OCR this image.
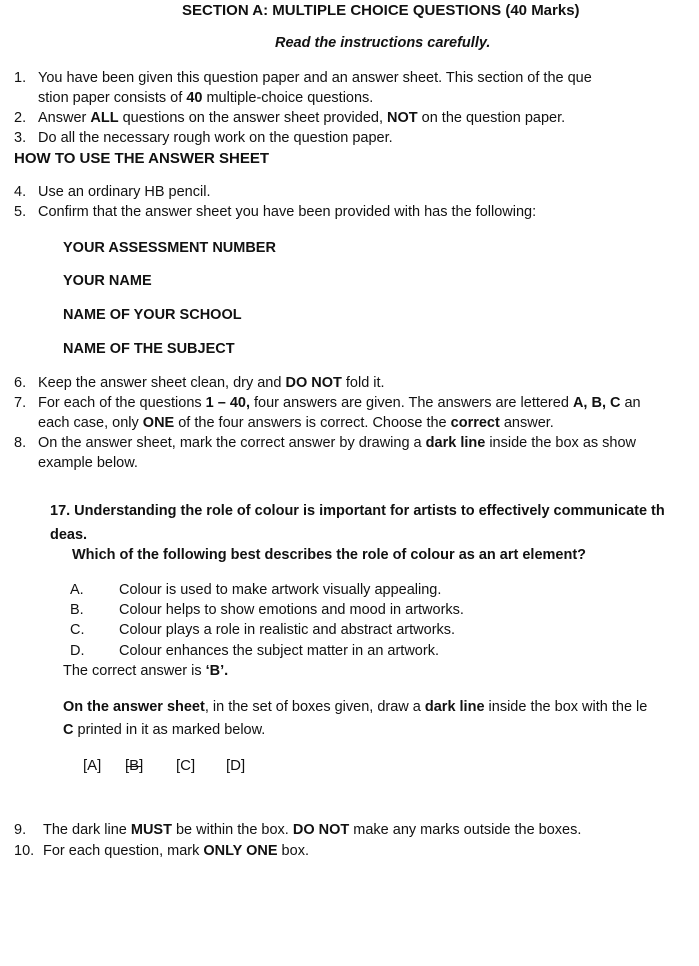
SECTION A: MULTIPLE CHOICE QUESTIONS (40 Marks)
Read the instructions carefully.
1. You have been given this question paper and an answer sheet. This section of the que
stion paper consists of 40 multiple-choice questions.
2. Answer ALL questions on the answer sheet provided, NOT on the question paper.
3. Do all the necessary rough work on the question paper.
HOW TO USE THE ANSWER SHEET
4. Use an ordinary HB pencil.
5. Confirm that the answer sheet you have been provided with has the following:
YOUR ASSESSMENT NUMBER
YOUR NAME
NAME OF YOUR SCHOOL
NAME OF THE SUBJECT
6. Keep the answer sheet clean, dry and DO NOT fold it.
7. For each of the questions 1 – 40, four answers are given. The answers are lettered A, B, C an
each case, only ONE of the four answers is correct. Choose the correct answer.
8. On the answer sheet, mark the correct answer by drawing a dark line inside the box as show
example below.
17. Understanding the role of colour is important for artists to effectively communicate th
deas.
Which of the following best describes the role of colour as an art element?
A. Colour is used to make artwork visually appealing.
B. Colour helps to show emotions and mood in artworks.
C. Colour plays a role in realistic and abstract artworks.
D. Colour enhances the subject matter in an artwork.
The correct answer is ‘B’.
On the answer sheet, in the set of boxes given, draw a dark line inside the box with the le
C printed in it as marked below.
[A] [B] [C] [D]
9. The dark line MUST be within the box. DO NOT make any marks outside the boxes.
10. For each question, mark ONLY ONE box.
